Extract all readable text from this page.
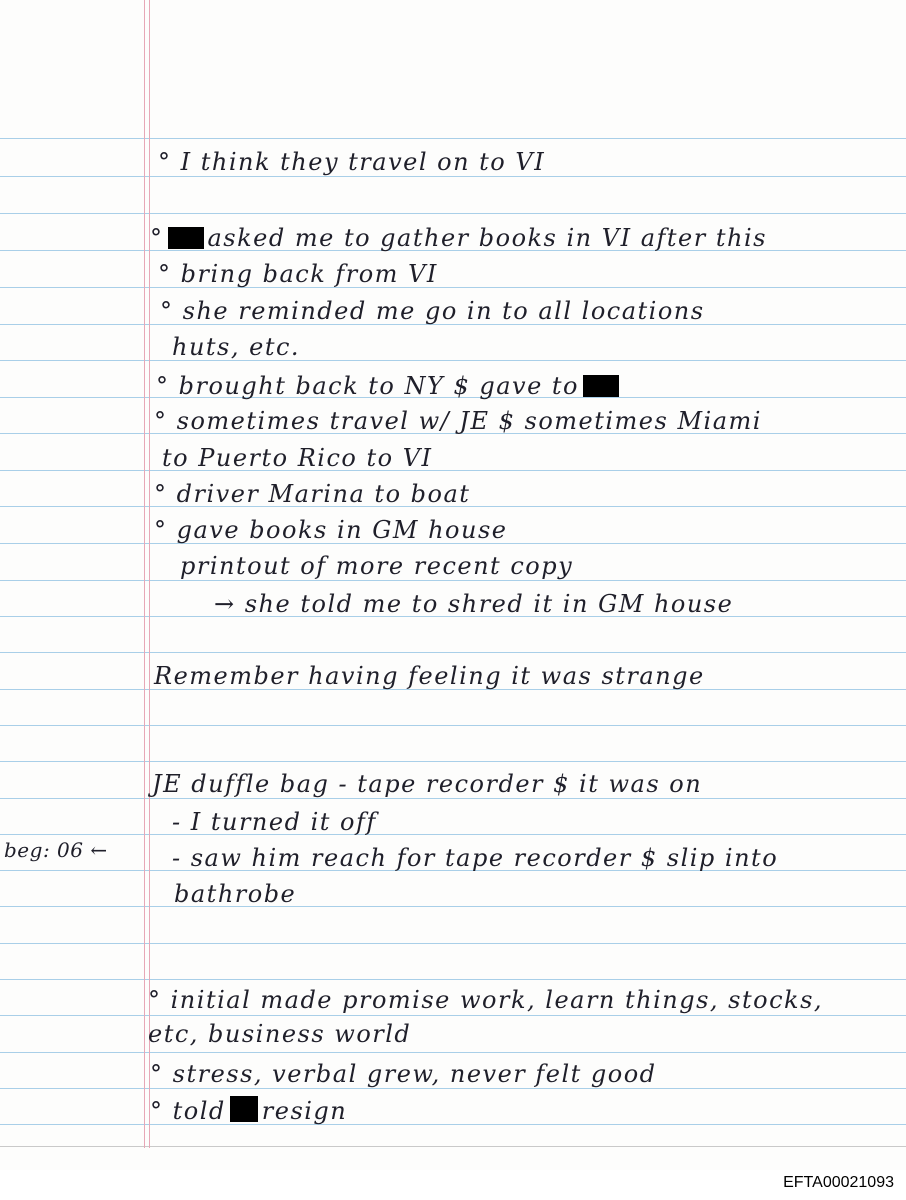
° I think they travel on to VI
° asked me to gather books in VI after this
° bring back from VI
° she reminded me go in to all locations
huts, etc.
° brought back to NY $ gave to
° sometimes travel w/ JE $ sometimes Miami
to Puerto Rico to VI
° driver Marina to boat
° gave books in GM house
printout of more recent copy
→ she told me to shred it in GM house
Remember having feeling it was strange
JE duffle bag - tape recorder $ it was on
- I turned it off
- saw him reach for tape recorder $ slip into
bathrobe
beg: 06 ←
° initial made promise work, learn things, stocks,
etc, business world
° stress, verbal grew, never felt good
° told resign
EFTA00021093
